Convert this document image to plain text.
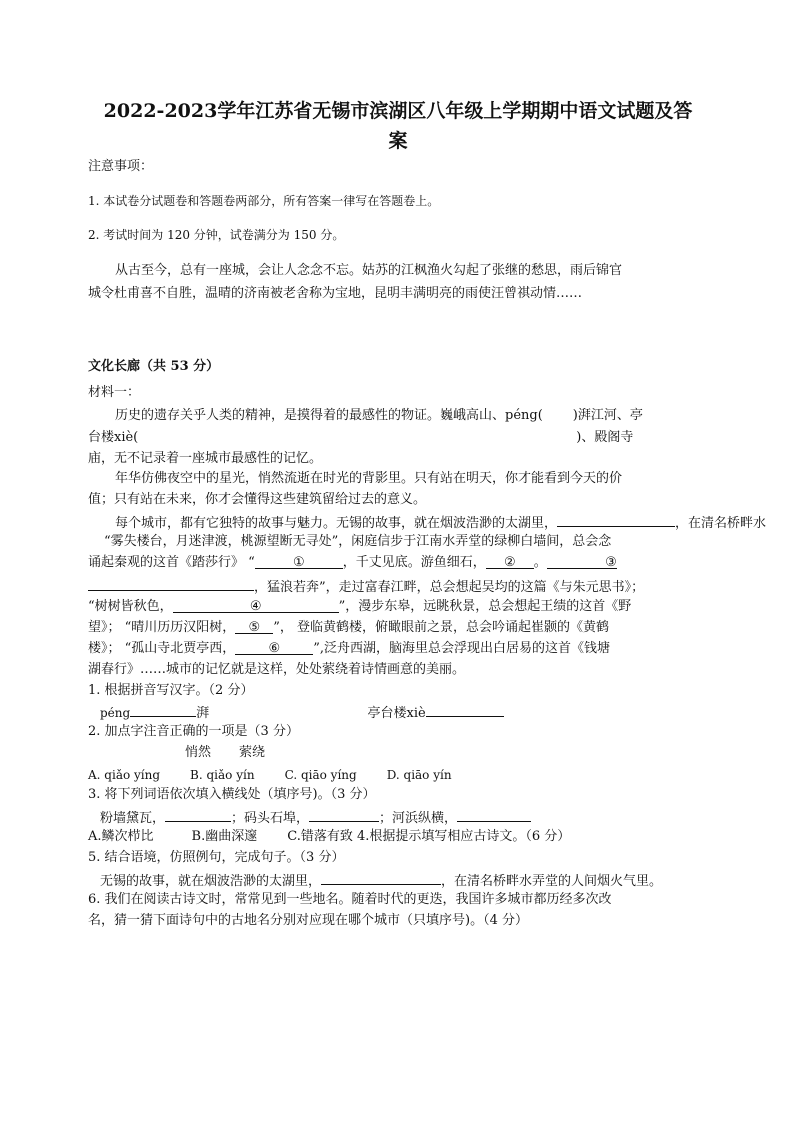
2022-2023学年江苏省无锡市滨湖区八年级上学期期中语文试题及答
案
注意事项：
1. 本试卷分试题卷和答题卷两部分，所有答案一律写在答题卷上。
2. 考试时间为 120 分钟，试卷满分为 150 分。
从古至今，总有一座城，会让人念念不忘。姑苏的江枫渔火勾起了张继的愁思，雨后锦官
城令杜甫喜不自胜，温晴的济南被老舍称为宝地，昆明丰满明亮的雨使汪曾祺动情……
文化长廊（共 53 分）
材料一：
历史的遗存关乎人类的精神，是摸得着的最感性的物证。巍峨高山、péng( )湃江河、亭
台楼xiè(	)、殿阁寺
庙，无不记录着一座城市最感性的记忆。
年华仿佛夜空中的星光，悄然流逝在时光的背影里。只有站在明天，你才能看到今天的价
值；只有站在未来，你才会懂得这些建筑留给过去的意义。
每个城市，都有它独特的故事与魅力。无锡的故事，就在烟波浩渺的太湖里，	，在清名桥畔水
“雾失楼台，月迷津渡，桃源望断无寻处”，闲庭信步于江南水弄堂的绿柳白墙间，总会念
诵起秦观的这首《踏莎行》 “	①	，千丈见底。游鱼细石， ② 。	③
，猛浪若奔”，走过富春江畔，总会想起吴均的这篇《与朱元思书》；
“树树皆秋色，	④	”，漫步东皋，远眺秋景，总会想起王绩的这首《野
望》； “晴川历历汉阳树， ⑤ ”， 登临黄鹤楼，俯瞰眼前之景，总会吟诵起崔颢的《黄鹤
楼》； “孤山寺北贾亭西，	⑥	”,泛舟西湖，脑海里总会浮现出白居易的这首《钱塘
湖春行》……城市的记忆就是这样，处处萦绕着诗情画意的美丽。
1. 根据拼音写汉字。（2 分）
péng	湃	亭台楼xiè
2. 加点字注音正确的一项是（3 分）
悄然 萦绕
A. qiǎo yíng	B. qiǎo yín	C. qiāo yíng	D. qiāo yín
3. 将下列词语依次填入横线处（填序号)。（3 分）
粉墙黛瓦，	；码头石埠，	；河浜纵横，
A.鳞次栉比	B.幽曲深邃 C.错落有致 4.根据提示填写相应古诗文。（6 分）
5. 结合语境，仿照例句，完成句子。（3 分）
无锡的故事，就在烟波浩渺的太湖里，	，在清名桥畔水弄堂的人间烟火气里。
6. 我们在阅读古诗文时，常常见到一些地名。随着时代的更迭，我国许多城市都历经多次改
名，猜一猜下面诗句中的古地名分别对应现在哪个城市（只填序号)。（4 分）
